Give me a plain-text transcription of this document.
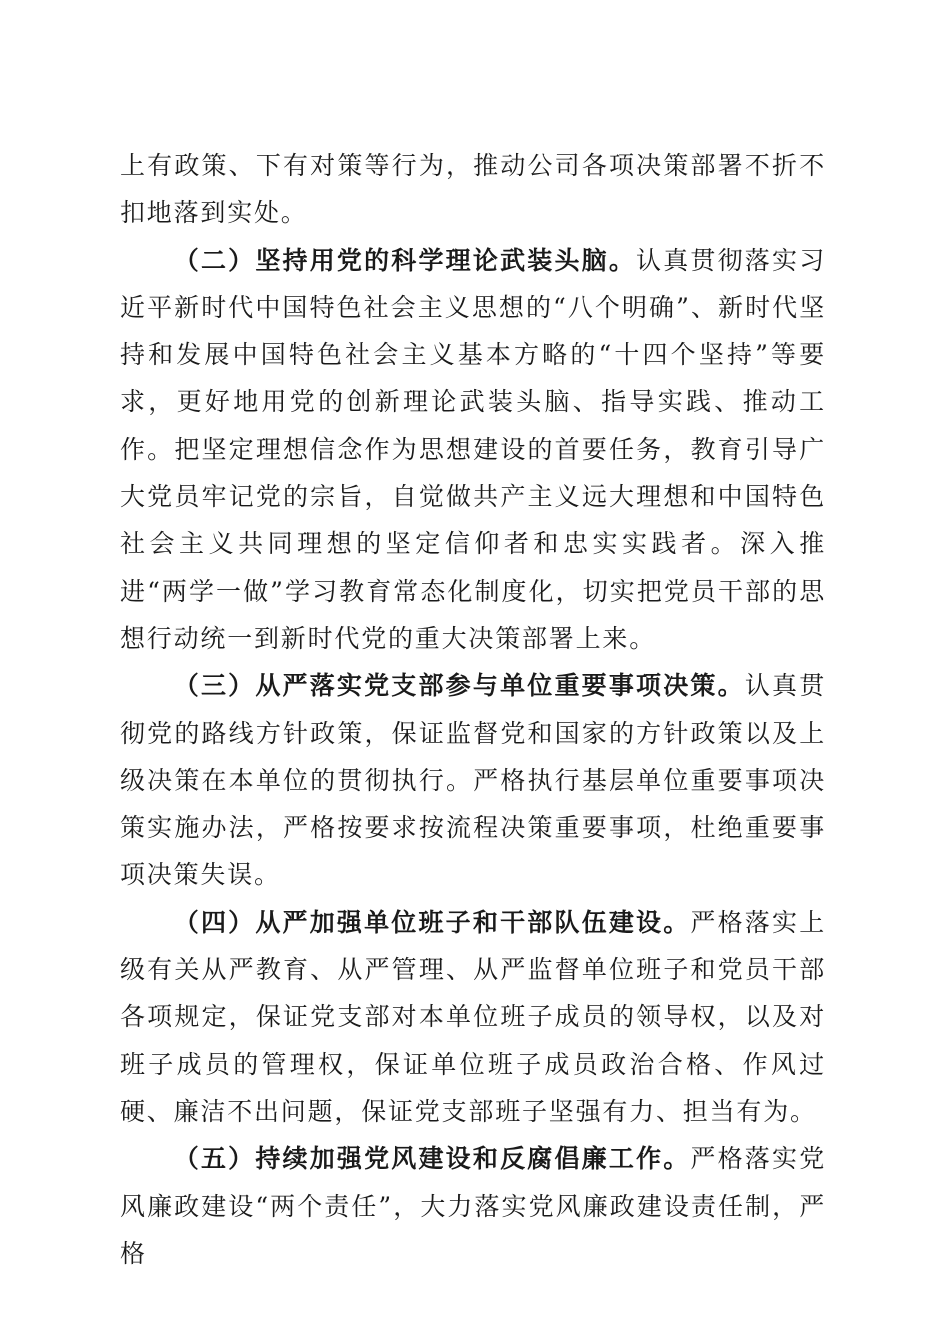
上有政策、下有对策等行为，推动公司各项决策部署不折不扣地落到实处。

（二）坚持用党的科学理论武装头脑。认真贯彻落实习近平新时代中国特色社会主义思想的“八个明确”、新时代坚持和发展中国特色社会主义基本方略的“十四个坚持”等要求，更好地用党的创新理论武装头脑、指导实践、推动工作。把坚定理想信念作为思想建设的首要任务，教育引导广大党员牢记党的宗旨，自觉做共产主义远大理想和中国特色社会主义共同理想的坚定信仰者和忠实实践者。深入推进“两学一做”学习教育常态化制度化，切实把党员干部的思想行动统一到新时代党的重大决策部署上来。

（三）从严落实党支部参与单位重要事项决策。认真贯彻党的路线方针政策，保证监督党和国家的方针政策以及上级决策在本单位的贯彻执行。严格执行基层单位重要事项决策实施办法，严格按要求按流程决策重要事项，杜绝重要事项决策失误。

（四）从严加强单位班子和干部队伍建设。严格落实上级有关从严教育、从严管理、从严监督单位班子和党员干部各项规定，保证党支部对本单位班子成员的领导权，以及对班子成员的管理权，保证单位班子成员政治合格、作风过硬、廉洁不出问题，保证党支部班子坚强有力、担当有为。

（五）持续加强党风建设和反腐倡廉工作。严格落实党风廉政建设“两个责任”，大力落实党风廉政建设责任制，严格
